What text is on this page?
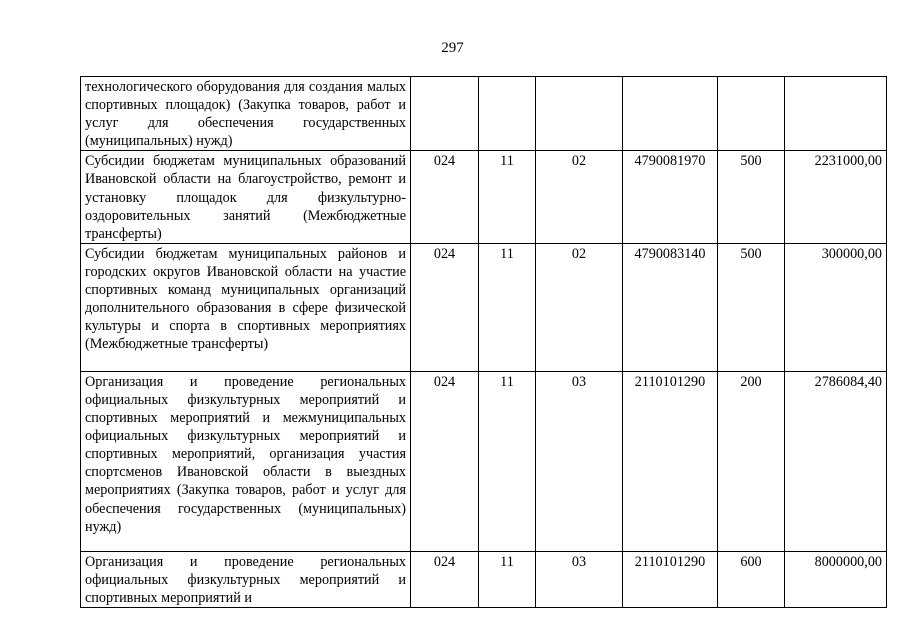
297
технологического оборудования для создания малых спортивных площадок) (Закупка товаров, работ и услуг для обеспечения государственных (муниципальных) нужд)						
Субсидии бюджетам муниципальных образований Ивановской области на благоустройство, ремонт и установку площадок для физкультурно-оздоровительных занятий (Межбюджетные трансферты)	024	11	02	4790081970	500	2231000,00
Субсидии бюджетам муниципальных районов и городских округов Ивановской области на участие спортивных команд муниципальных организаций дополнительного образования в сфере физической культуры и спорта в спортивных мероприятиях (Межбюджетные трансферты)	024	11	02	4790083140	500	300000,00
Организация и проведение региональных официальных физкультурных мероприятий и спортивных мероприятий и межмуниципальных официальных физкультурных мероприятий и спортивных мероприятий, организация участия спортсменов Ивановской области в выездных мероприятиях (Закупка товаров, работ и услуг для обеспечения государственных (муниципальных) нужд)	024	11	03	2110101290	200	2786084,40
Организация и проведение региональных официальных физкультурных мероприятий и спортивных мероприятий и	024	11	03	2110101290	600	8000000,00
